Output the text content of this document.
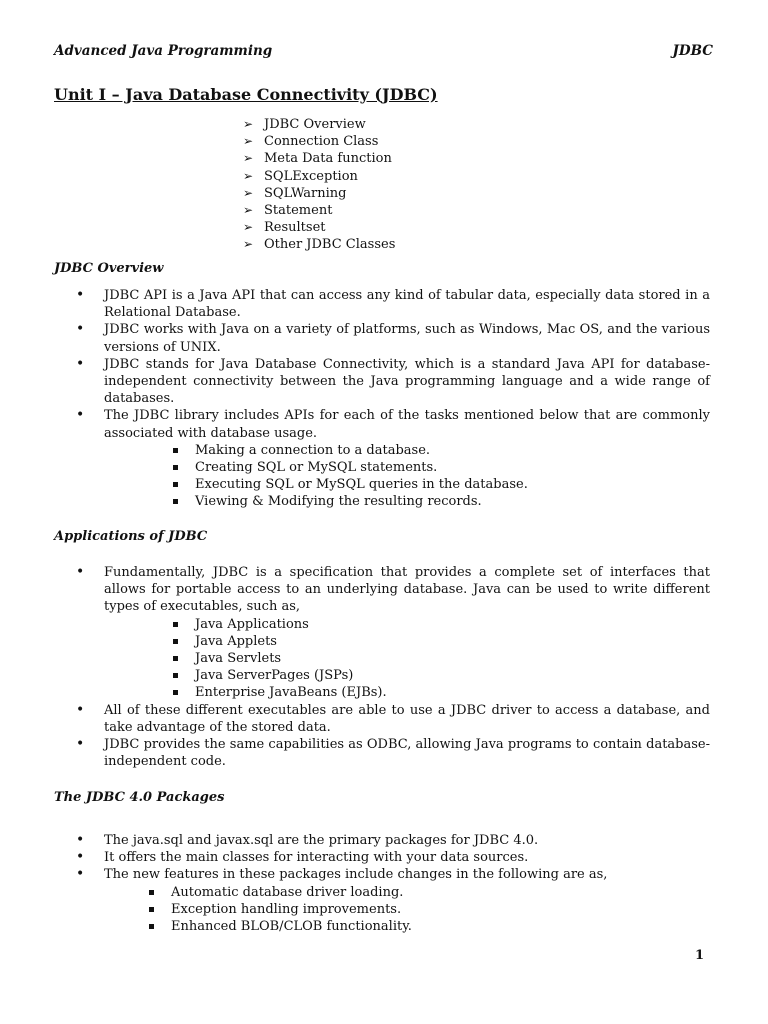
Advanced Java Programming	JDBC
Unit I – Java Database Connectivity (JDBC)
➢ JDBC Overview
➢ Connection Class
➢ Meta Data function
➢ SQLException
➢ SQLWarning
➢ Statement
➢ Resultset
➢ Other JDBC Classes
JDBC Overview
• JDBC API is a Java API that can access any kind of tabular data, especially data stored in a Relational Database.
• JDBC works with Java on a variety of platforms, such as Windows, Mac OS, and the various versions of UNIX.
• JDBC stands for Java Database Connectivity, which is a standard Java API for database-independent connectivity between the Java programming language and a wide range of databases.
• The JDBC library includes APIs for each of the tasks mentioned below that are commonly associated with database usage.
Making a connection to a database.
Creating SQL or MySQL statements.
Executing SQL or MySQL queries in the database.
Viewing & Modifying the resulting records.
Applications of JDBC
• Fundamentally, JDBC is a specification that provides a complete set of interfaces that allows for portable access to an underlying database. Java can be used to write different types of executables, such as,
Java Applications
Java Applets
Java Servlets
Java ServerPages (JSPs)
Enterprise JavaBeans (EJBs).
• All of these different executables are able to use a JDBC driver to access a database, and take advantage of the stored data.
• JDBC provides the same capabilities as ODBC, allowing Java programs to contain database-independent code.
The JDBC 4.0 Packages
• The java.sql and javax.sql are the primary packages for JDBC 4.0.
• It offers the main classes for interacting with your data sources.
• The new features in these packages include changes in the following are as,
Automatic database driver loading.
Exception handling improvements.
Enhanced BLOB/CLOB functionality.
1
